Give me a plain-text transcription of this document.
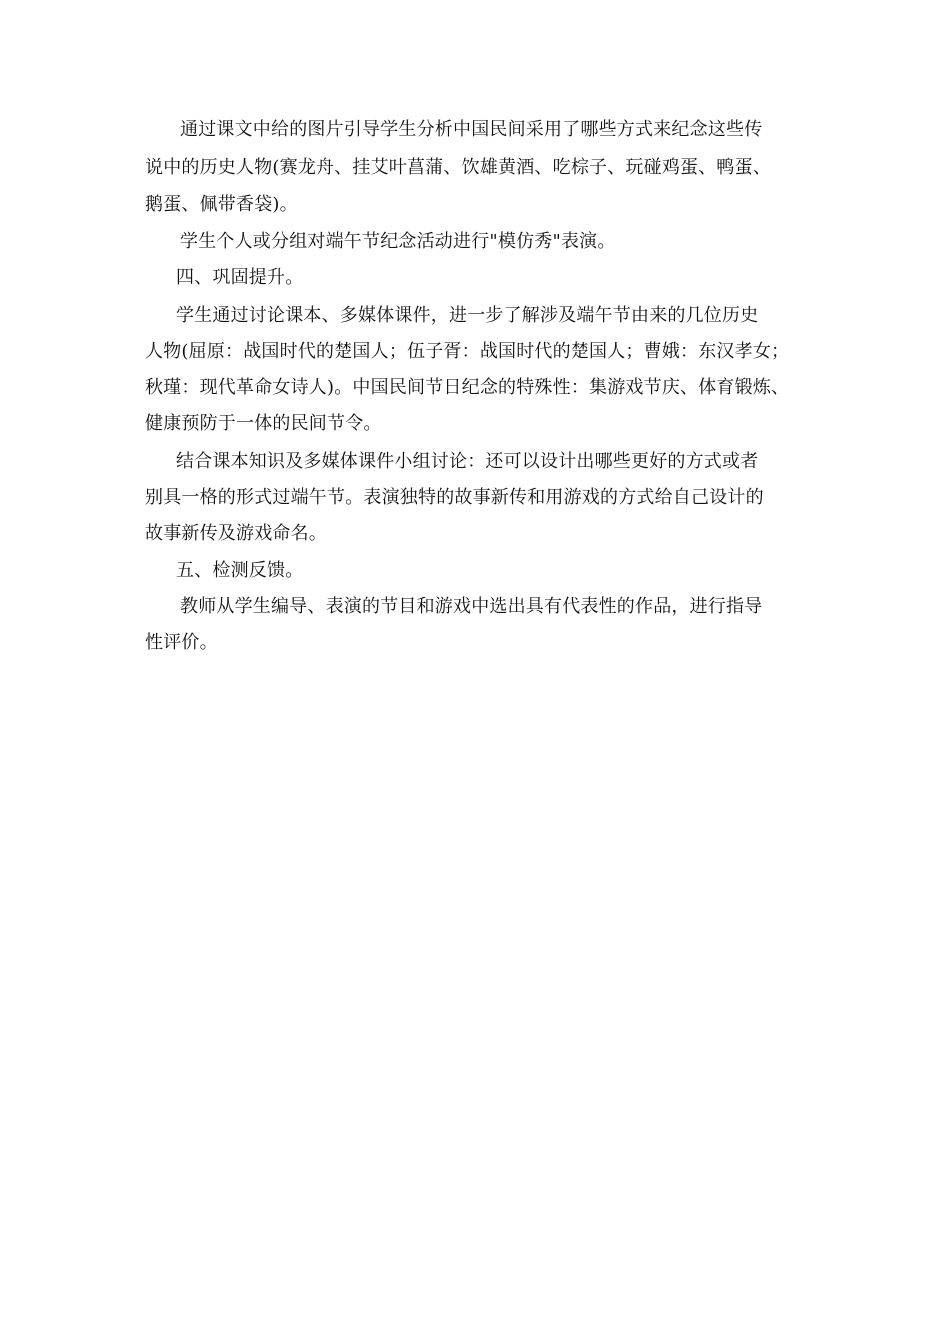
通过课文中给的图片引导学生分析中国民间采用了哪些方式来纪念这些传

说中的历史人物(赛龙舟、挂艾叶菖蒲、饮雄黄酒、吃棕子、玩碰鸡蛋、鸭蛋、

鹅蛋、佩带香袋)。

学生个人或分组对端午节纪念活动进行"模仿秀"表演。

四、巩固提升。

学生通过讨论课本、多媒体课件，进一步了解涉及端午节由来的几位历史

人物(屈原：战国时代的楚国人；伍子胥：战国时代的楚国人；曹娥：东汉孝女；

秋瑾：现代革命女诗人)。中国民间节日纪念的特殊性：集游戏节庆、体育锻炼、

健康预防于一体的民间节令。

结合课本知识及多媒体课件小组讨论：还可以设计出哪些更好的方式或者

别具一格的形式过端午节。表演独特的故事新传和用游戏的方式给自己设计的

故事新传及游戏命名。

五、检测反馈。

教师从学生编导、表演的节目和游戏中选出具有代表性的作品，进行指导

性评价。
